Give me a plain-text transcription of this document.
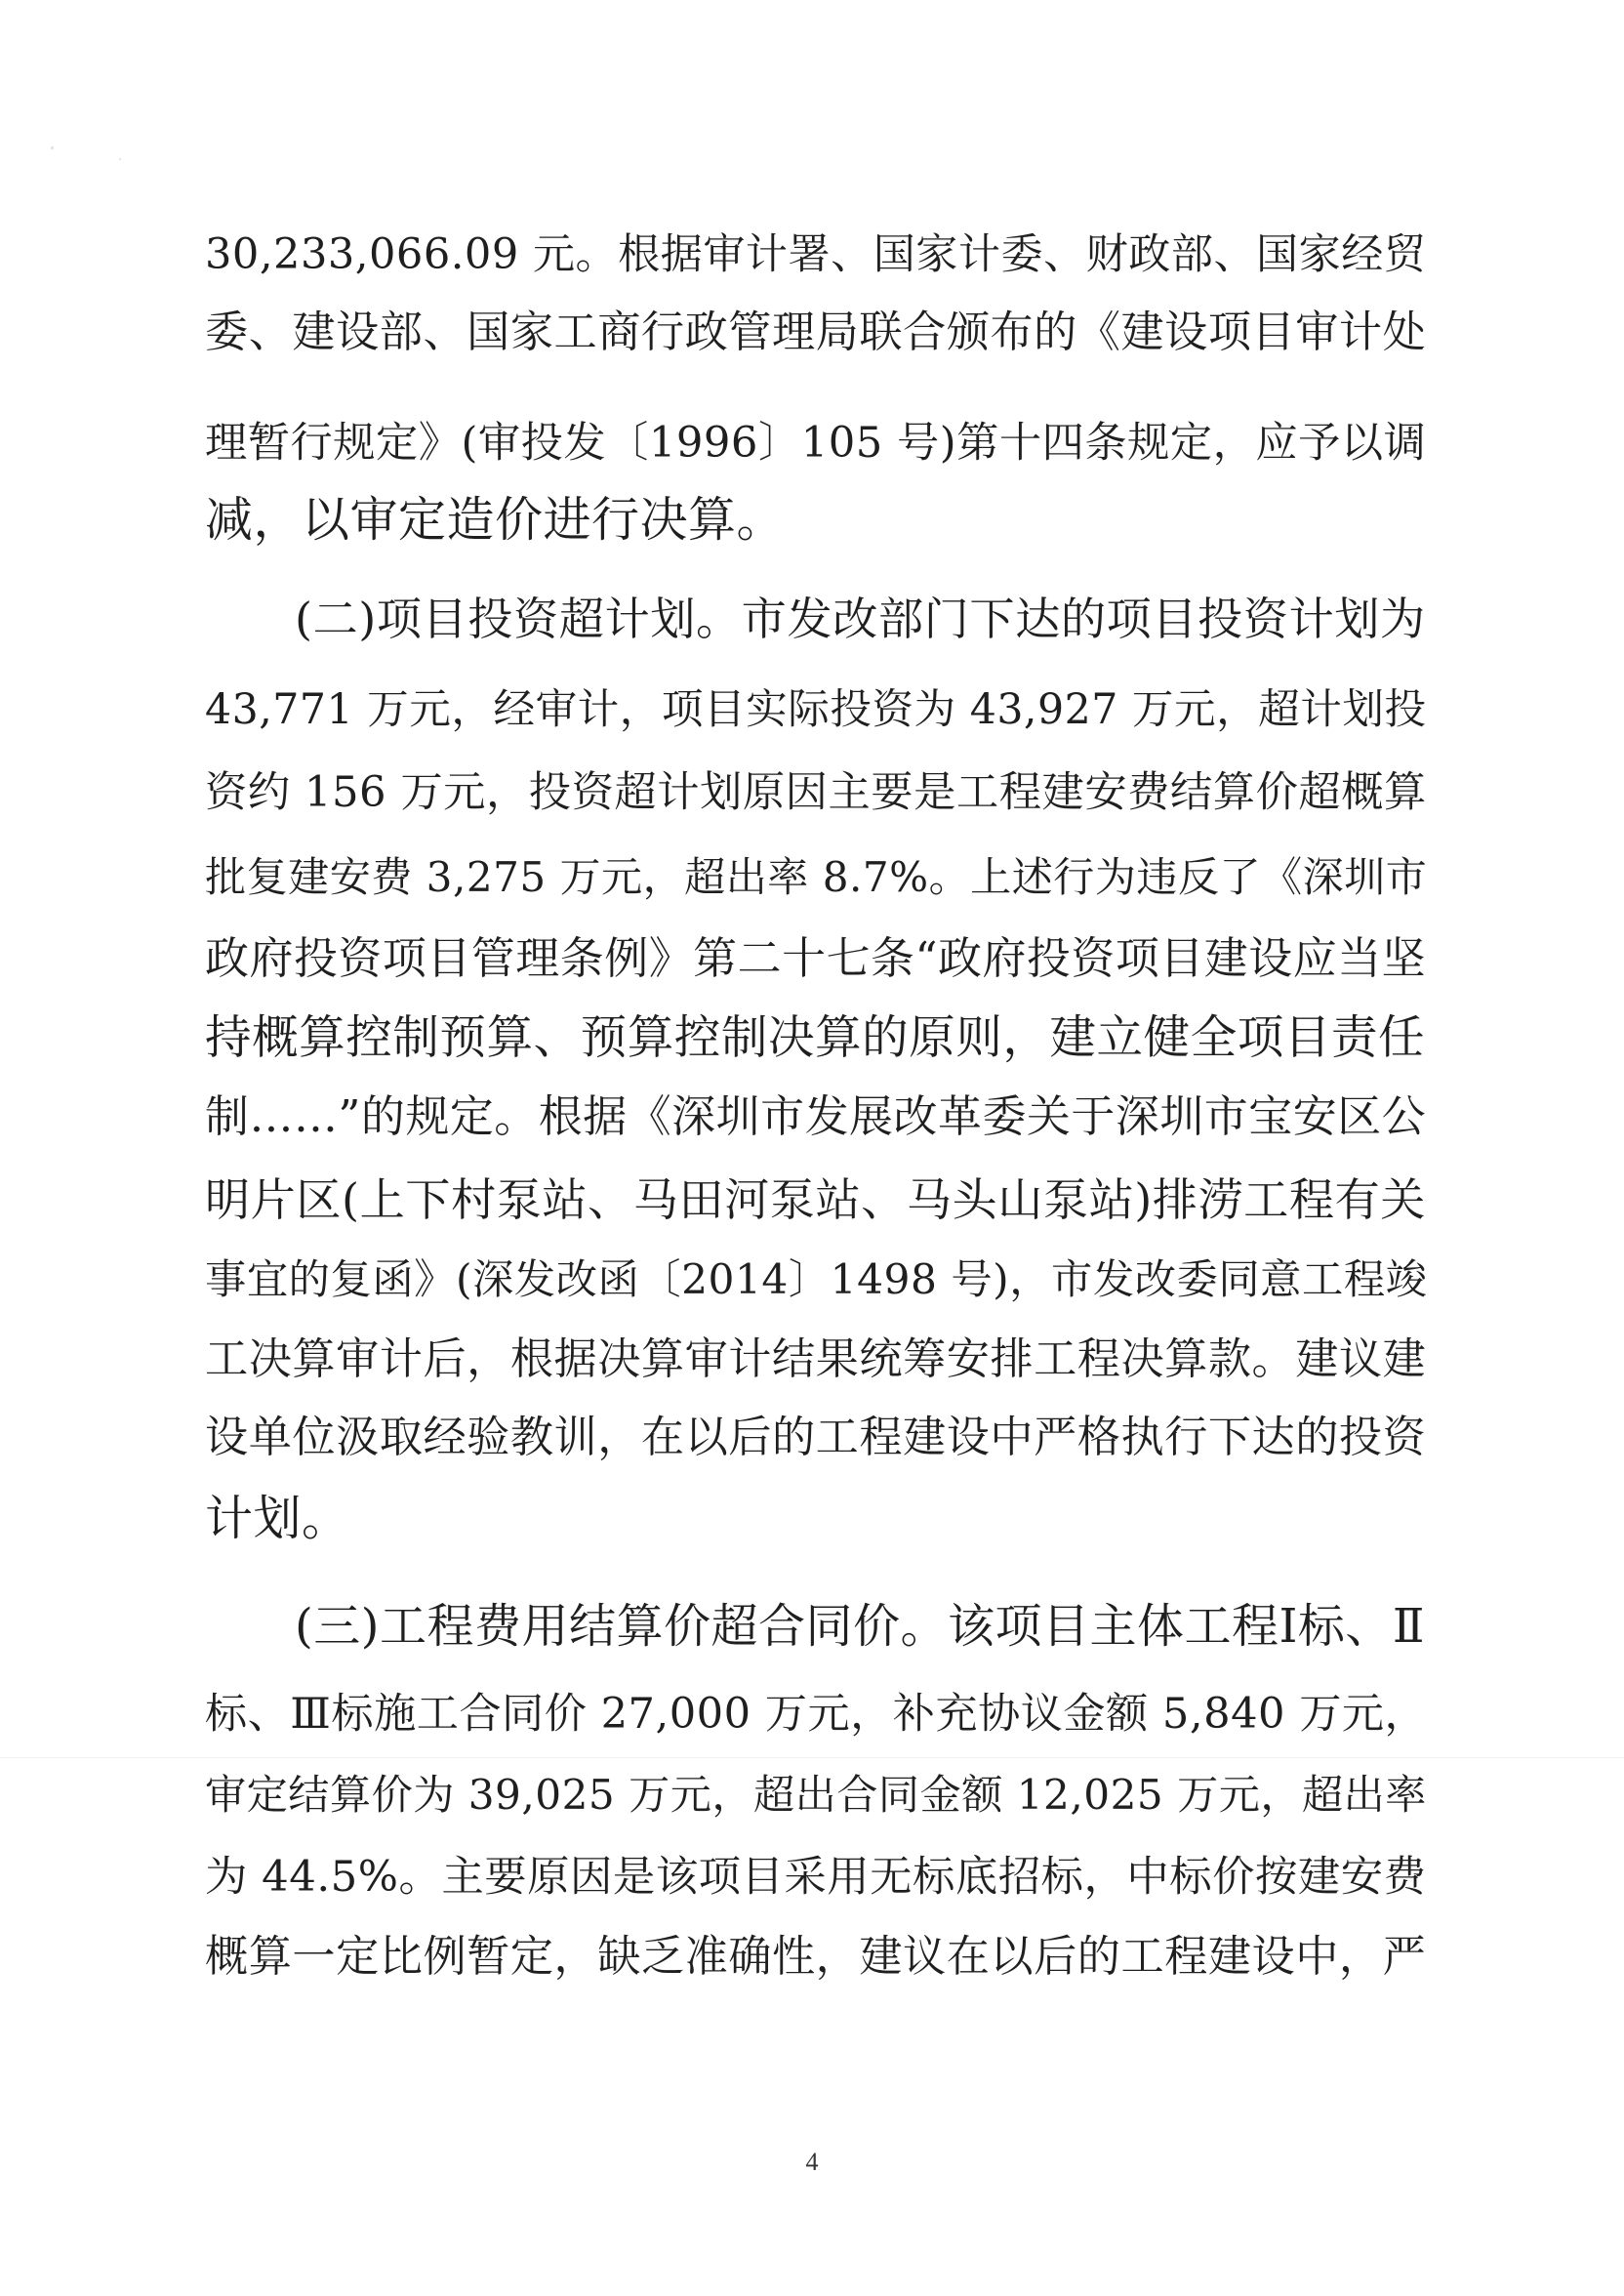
30,233,066.09 元。根据审计署、国家计委、财政部、国家经贸

委、建设部、国家工商行政管理局联合颁布的《建设项目审计处

理暂行规定》(审投发〔1996〕105 号)第十四条规定，应予以调

减，以审定造价进行决算。

(二)项目投资超计划。市发改部门下达的项目投资计划为

43,771 万元，经审计，项目实际投资为 43,927 万元，超计划投

资约 156 万元，投资超计划原因主要是工程建安费结算价超概算

批复建安费 3,275 万元，超出率 8.7%。上述行为违反了《深圳市

政府投资项目管理条例》第二十七条“政府投资项目建设应当坚

持概算控制预算、预算控制决算的原则，建立健全项目责任

制……”的规定。根据《深圳市发展改革委关于深圳市宝安区公

明片区(上下村泵站、马田河泵站、马头山泵站)排涝工程有关

事宜的复函》(深发改函〔2014〕1498 号)，市发改委同意工程竣

工决算审计后，根据决算审计结果统筹安排工程决算款。建议建

设单位汲取经验教训，在以后的工程建设中严格执行下达的投资

计划。

(三)工程费用结算价超合同价。该项目主体工程Ⅰ标、Ⅱ

标、Ⅲ标施工合同价 27,000 万元，补充协议金额 5,840 万元，

审定结算价为 39,025 万元，超出合同金额 12,025 万元，超出率

为 44.5%。主要原因是该项目采用无标底招标，中标价按建安费

概算一定比例暂定，缺乏准确性，建议在以后的工程建设中，严

4
